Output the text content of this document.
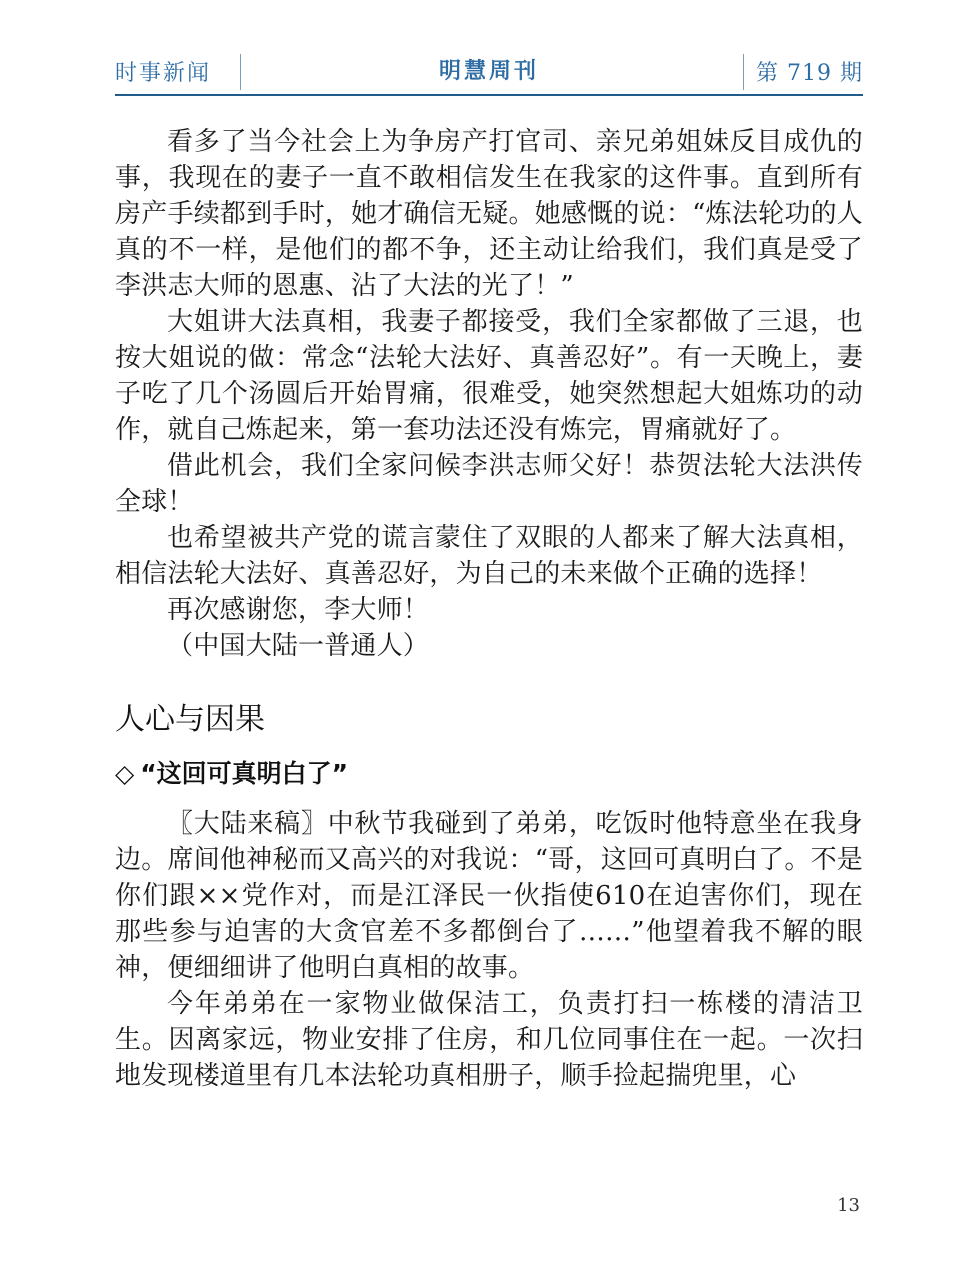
时事新闻	明慧周刊	第 719 期

看多了当今社会上为争房产打官司、亲兄弟姐妹反目成仇的事，我现在的妻子一直不敢相信发生在我家的这件事。直到所有房产手续都到手时，她才确信无疑。她感慨的说：“炼法轮功的人真的不一样，是他们的都不争，还主动让给我们，我们真是受了李洪志大师的恩惠、沾了大法的光了！”

大姐讲大法真相，我妻子都接受，我们全家都做了三退，也按大姐说的做：常念“法轮大法好、真善忍好”。有一天晚上，妻子吃了几个汤圆后开始胃痛，很难受，她突然想起大姐炼功的动作，就自己炼起来，第一套功法还没有炼完，胃痛就好了。

借此机会，我们全家问候李洪志师父好！恭贺法轮大法洪传全球！

也希望被共产党的谎言蒙住了双眼的人都来了解大法真相，相信法轮大法好、真善忍好，为自己的未来做个正确的选择！

再次感谢您，李大师！

（中国大陆一普通人）

人心与因果
◇ “这回可真明白了”

〖大陆来稿〗中秋节我碰到了弟弟，吃饭时他特意坐在我身边。席间他神秘而又高兴的对我说：“哥，这回可真明白了。不是你们跟××党作对，而是江泽民一伙指使610在迫害你们，现在那些参与迫害的大贪官差不多都倒台了……”他望着我不解的眼神，便细细讲了他明白真相的故事。

今年弟弟在一家物业做保洁工，负责打扫一栋楼的清洁卫生。因离家远，物业安排了住房，和几位同事住在一起。一次扫地发现楼道里有几本法轮功真相册子，顺手捡起揣兜里，心

13
